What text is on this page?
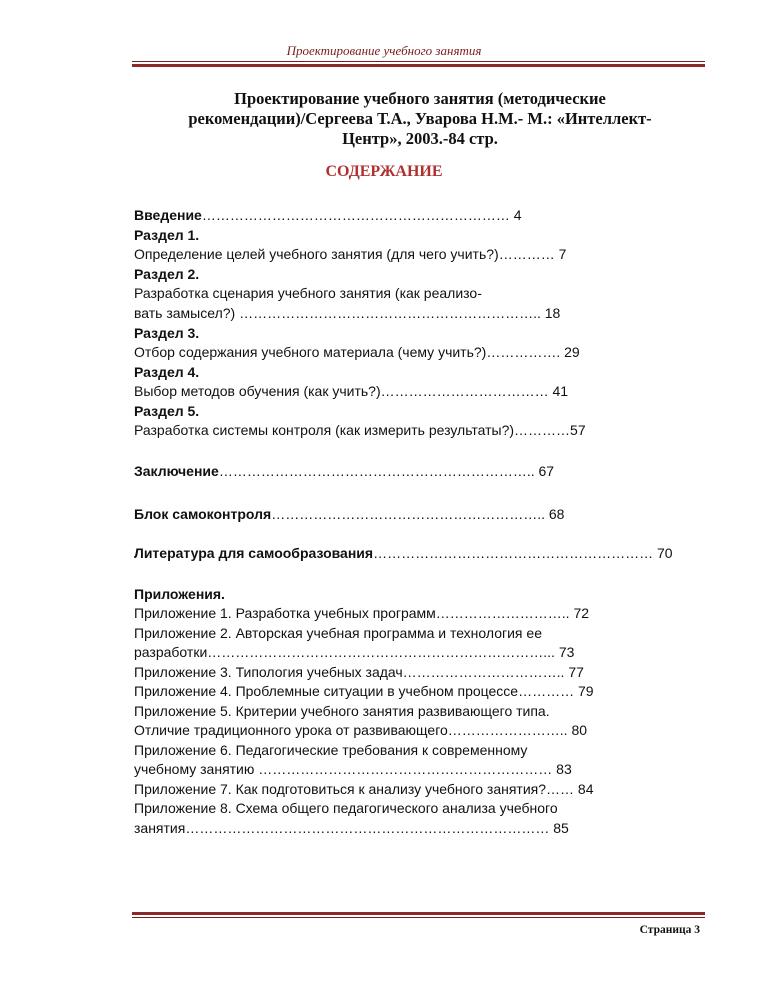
Проектирование учебного занятия
Проектирование учебного занятия (методические
рекомендации)/Сергеева Т.А., Уварова Н.М.- М.: «Интеллект-
Центр», 2003.-84 стр.
СОДЕРЖАНИЕ
Введение………………………………………………………… 4
Раздел 1.
Определение целей учебного занятия (для чего учить?)………… 7
Раздел 2.
Разработка сценария учебного занятия (как реализо-
вать замысел?) ……………………………………………………….. 18
Раздел 3.
Отбор содержания учебного материала (чему учить?)……………. 29
Раздел 4.
Выбор методов обучения (как учить?)……………………………… 41
Раздел 5.
Разработка системы контроля (как измерить результаты?)…………57
Заключение………………………………………………………….. 67
Блок самоконтроля………………………………………………….. 68
Литература для самообразования…………………………………………………… 70
Приложения.
Приложение 1. Разработка учебных программ……………………….. 72
Приложение 2. Авторская учебная программа и технология ее
разработки………………………………………………………………... 73
Приложение 3. Типология учебных задач…………………………….. 77
Приложение 4. Проблемные ситуации в учебном процессе………… 79
Приложение 5. Критерии учебного занятия развивающего типа.
Отличие традиционного урока от развивающего…………………….. 80
Приложение 6. Педагогические требования к современному
учебному занятию ……………………………………………………… 83
Приложение 7. Как подготовиться к анализу учебного занятия?…… 84
Приложение 8. Схема общего педагогического анализа учебного
занятия…………………………………………………………………… 85
Страница 3
